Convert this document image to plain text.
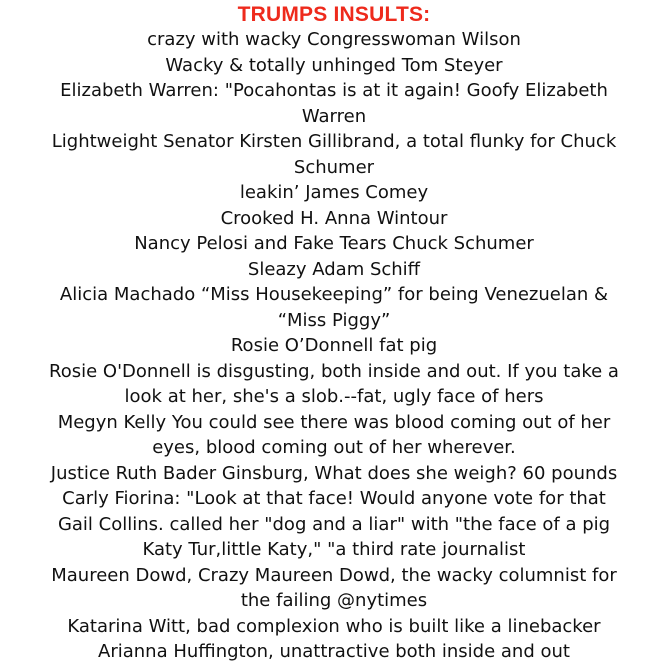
TRUMPS INSULTS:
crazy with wacky Congresswoman Wilson
Wacky & totally unhinged Tom Steyer
Elizabeth Warren: "Pocahontas is at it again! Goofy Elizabeth
Warren
Lightweight Senator Kirsten Gillibrand, a total flunky for Chuck
Schumer
leakin’ James Comey
Crooked H. Anna Wintour
Nancy Pelosi and Fake Tears Chuck Schumer
Sleazy Adam Schiff
Alicia Machado “Miss Housekeeping” for being Venezuelan &
“Miss Piggy”
Rosie O’Donnell fat pig
Rosie O'Donnell is disgusting, both inside and out. If you take a
look at her, she's a slob.--fat, ugly face of hers
Megyn Kelly You could see there was blood coming out of her
eyes, blood coming out of her wherever.
Justice Ruth Bader Ginsburg, What does she weigh? 60 pounds
Carly Fiorina: "Look at that face! Would anyone vote for that
Gail Collins. called her "dog and a liar" with "the face of a pig
Katy Tur,little Katy," "a third rate journalist
Maureen Dowd, Crazy Maureen Dowd, the wacky columnist for
the failing @nytimes
Katarina Witt, bad complexion who is built like a linebacker
Arianna Huffington, unattractive both inside and out
